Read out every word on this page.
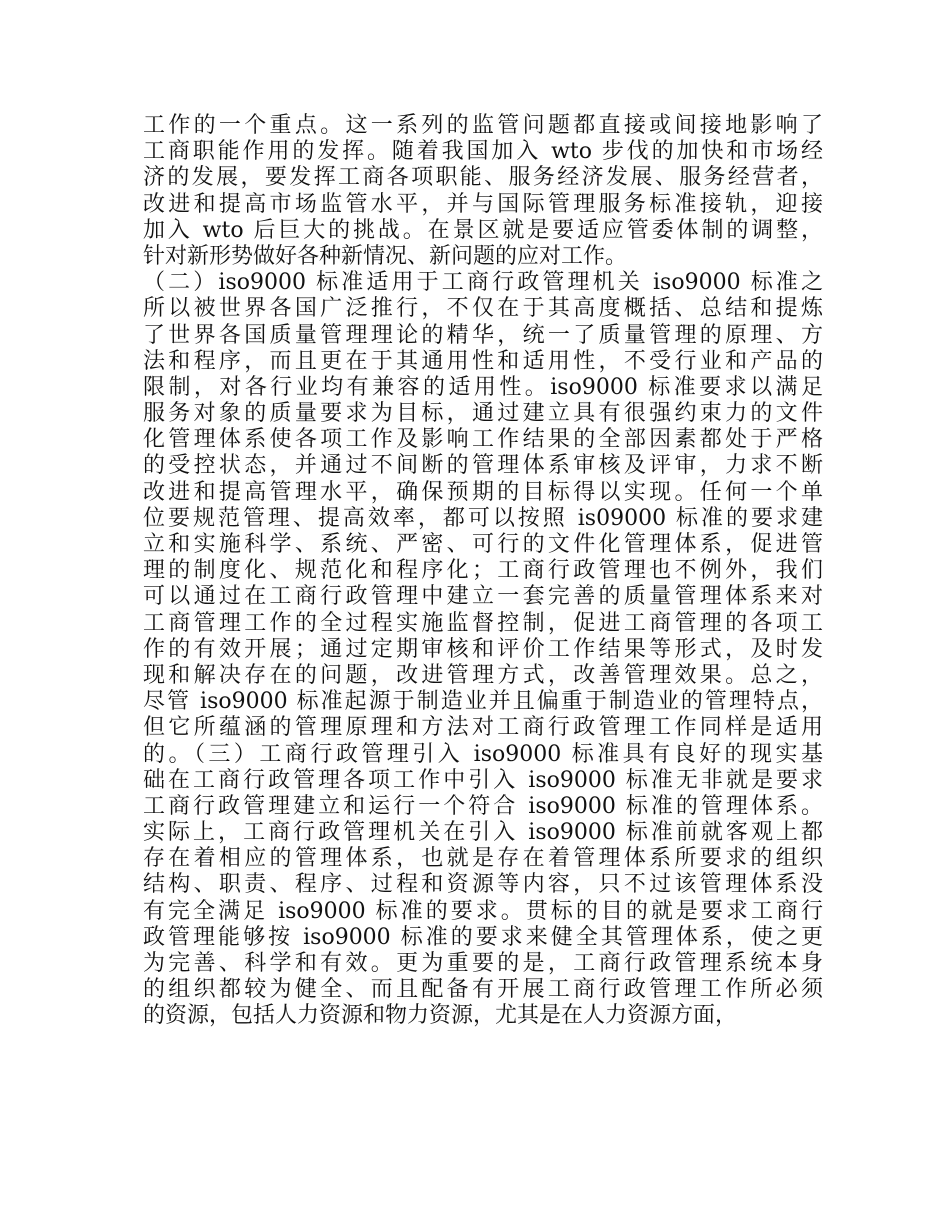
工作的一个重点。这一系列的监管问题都直接或间接地影响了
工商职能作用的发挥。随着我国加入 wto 步伐的加快和市场经
济的发展，要发挥工商各项职能、服务经济发展、服务经营者，
改进和提高市场监管水平，并与国际管理服务标准接轨，迎接
加入 wto 后巨大的挑战。在景区就是要适应管委体制的调整，
针对新形势做好各种新情况、新问题的应对工作。
（二）iso9000 标准适用于工商行政管理机关 iso9000 标准之
所以被世界各国广泛推行，不仅在于其高度概括、总结和提炼
了世界各国质量管理理论的精华，统一了质量管理的原理、方
法和程序，而且更在于其通用性和适用性，不受行业和产品的
限制，对各行业均有兼容的适用性。iso9000 标准要求以满足
服务对象的质量要求为目标，通过建立具有很强约束力的文件
化管理体系使各项工作及影响工作结果的全部因素都处于严格
的受控状态，并通过不间断的管理体系审核及评审，力求不断
改进和提高管理水平，确保预期的目标得以实现。任何一个单
位要规范管理、提高效率，都可以按照 is09000 标准的要求建
立和实施科学、系统、严密、可行的文件化管理体系，促进管
理的制度化、规范化和程序化；工商行政管理也不例外，我们
可以通过在工商行政管理中建立一套完善的质量管理体系来对
工商管理工作的全过程实施监督控制，促进工商管理的各项工
作的有效开展；通过定期审核和评价工作结果等形式，及时发
现和解决存在的问题，改进管理方式，改善管理效果。总之，
尽管 iso9000 标准起源于制造业并且偏重于制造业的管理特点，
但它所蕴涵的管理原理和方法对工商行政管理工作同样是适用
的。（三）工商行政管理引入 iso9000 标准具有良好的现实基
础在工商行政管理各项工作中引入 iso9000 标准无非就是要求
工商行政管理建立和运行一个符合 iso9000 标准的管理体系。
实际上，工商行政管理机关在引入 iso9000 标准前就客观上都
存在着相应的管理体系，也就是存在着管理体系所要求的组织
结构、职责、程序、过程和资源等内容，只不过该管理体系没
有完全满足 iso9000 标准的要求。贯标的目的就是要求工商行
政管理能够按 iso9000 标准的要求来健全其管理体系，使之更
为完善、科学和有效。更为重要的是，工商行政管理系统本身
的组织都较为健全、而且配备有开展工商行政管理工作所必须
的资源，包括人力资源和物力资源，尤其是在人力资源方面，
